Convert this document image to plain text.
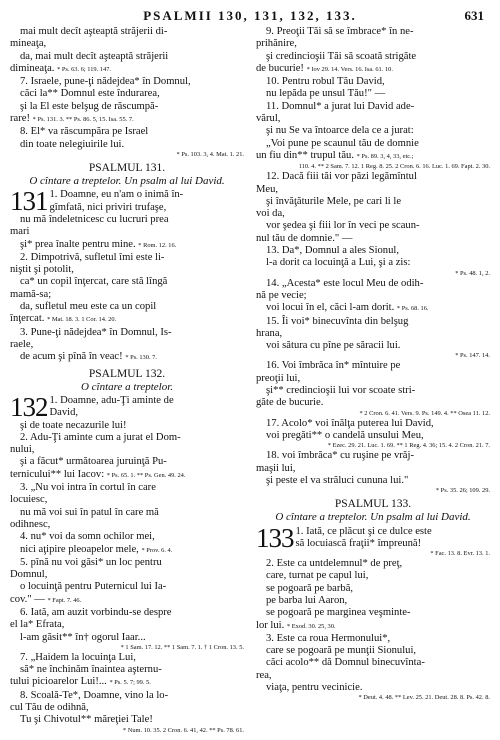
PSALMII 130, 131, 132, 133.	631
mai mult decît aşteaptă străjerii di-
mineaţa,
da, mai mult decît aşteaptă străjerii
dimineaţa. * Ps. 63. 6; 119. 147.
7. Israele, pune-ţi nădejdea* în Domnul,
căci la** Domnul este îndurarea,
şi la El este belşug de răscumpă-
rare! * Ps. 131. 3. ** Ps. 86. 5, 15. Isa. 55. 7.
8. El* va răscumpăra pe Israel
din toate nelegiuirile lui.
* Ps. 103. 3, 4. Mat. 1. 21.
PSALMUL 131.
O cîntare a treptelor. Un psalm al lui David.
131 1. Doamne, eu n'am o inimă în-
gîmfată, nici priviri trufaşe,
nu mă îndeletnicesc cu lucruri prea
mari
şi* prea înalte pentru mine. * Rom. 12. 16.
2. Dimpotrivă, sufletul îmi este li-
niştit şi potolit,
ca* un copil înţercat, care stă lîngă
mamă-sa;
da, sufletul meu este ca un copil
înţercat. * Mat. 18. 3. 1 Cor. 14. 20.
3. Pune-ţi nădejdea* în Domnul, Is-
raele,
de acum şi pînă în veac! * Ps. 130. 7.
PSALMUL 132.
O cîntare a treptelor.
132 1. Doamne, adu-Ţi aminte de
David,
şi de toate necazurile lui!
2. Adu-Ţi aminte cum a jurat el Dom-
nului,
şi a făcut* următoarea juruinţă Pu-
ternicului** lui Iacov: * Ps. 65. 1. ** Ps. Gen. 49. 24.
3. „Nu voi intra în cortul în care
locuiesc,
nu mă voi sui în patul în care mă
odihnesc,
4. nu* voi da somn ochilor mei,
nici aţipire pleoapelor mele, * Prov. 6. 4.
5. pînă nu voi găsi* un loc pentru
Domnul,
o locuinţă pentru Puternicul lui Ia-
cov." — * Fapt. 7. 46.
6. Iată, am auzit vorbindu-se despre
el la* Efrata,
l-am găsit** în† ogorul Iaar...
* 1 Sam. 17. 12. ** 1 Sam. 7. 1. † 1 Cron. 13. 5.
7. „Haidem la locuinţa Lui,
să* ne închinăm înaintea aşternu-
tului picioarelor Lui!... * Ps. 5. 7; 99. 5.
8. Scoală-Te*, Doamne, vino la lo-
cul Tău de odihnă,
Tu şi Chivotul** măreţiei Tale!
* Num. 10. 35. 2 Cron. 6. 41, 42. ** Ps. 78. 61.
9. Preoţii Tăi să se îmbrace* în ne-
prihănire,
şi credincioşii Tăi să scoată strigăte
de bucurie! * Iov 29. 14. Vers. 16. Isa. 61. 10.
10. Pentru robul Tău David,
nu lepăda pe unsul Tău!" —
11. Domnul* a jurat lui David ade-
vărul,
şi nu Se va întoarce dela ce a jurat:
„Voi pune pe scaunul tău de domnie
un fiu din** trupul tău. * Ps. 89. 3, 4, 33, etc.;
110. 4. ** 2 Sam. 7. 12. 1 Reg. 8. 25. 2 Cron. 6. 16. Luc. 1. 69. Fapt. 2. 30.
12. Dacă fiii tăi vor păzi legămîntul
Meu,
şi învăţăturile Mele, pe cari li le
voi da,
vor şedea şi fiii lor în veci pe scaun-
nul tău de domnie." —
13. Da*, Domnul a ales Sionul,
l-a dorit ca locuinţă a Lui, şi a zis:
* Ps. 48. 1, 2.
14. „Acesta* este locul Meu de odih-
nă pe vecie;
voi locui în el, căci l-am dorit. * Ps. 68. 16.
15. Îi voi* binecuvînta din belşug
hrana,
voi sătura cu pîne pe săracii lui.
* Ps. 147. 14.
16. Voi îmbrăca în* mîntuire pe
preoţii lui,
şi** credincioşii lui vor scoate stri-
găte de bucurie.
* 2 Cron. 6. 41. Vers. 9. Ps. 149. 4. ** Osea 11. 12.
17. Acolo* voi înălţa puterea lui David,
voi pregăti** o candelă unsului Meu,
* Ezec. 29. 21. Luc. 1. 69. ** 1 Reg. 4. 36; 15. 4. 2 Cron. 21. 7.
18. voi îmbrăca* cu ruşine pe vrăj-
maşii lui,
şi peste el va străluci cununa lui."
* Ps. 35. 26; 109. 29.
PSALMUL 133.
O cîntare a treptelor. Un psalm al lui David.
133 1. Iată, ce plăcut şi ce dulce este
să locuiască fraţii* împreună!
* Fac. 13. 8. Evr. 13. 1.
2. Este ca untdelemnul* de preţ,
care, turnat pe capul lui,
se pogoară pe barbă,
pe barba lui Aaron,
se pogoară pe marginea veşminte-
lor lui. * Exod. 30. 25, 30.
3. Este ca roua Hermonului*,
care se pogoară pe munţii Sionului,
căci acolo** dă Domnul binecuvînta-
rea,
viaţa, pentru vecinicie.
* Deut. 4. 48. ** Lev. 25. 21. Deut. 28. 8. Ps. 42. 8.
